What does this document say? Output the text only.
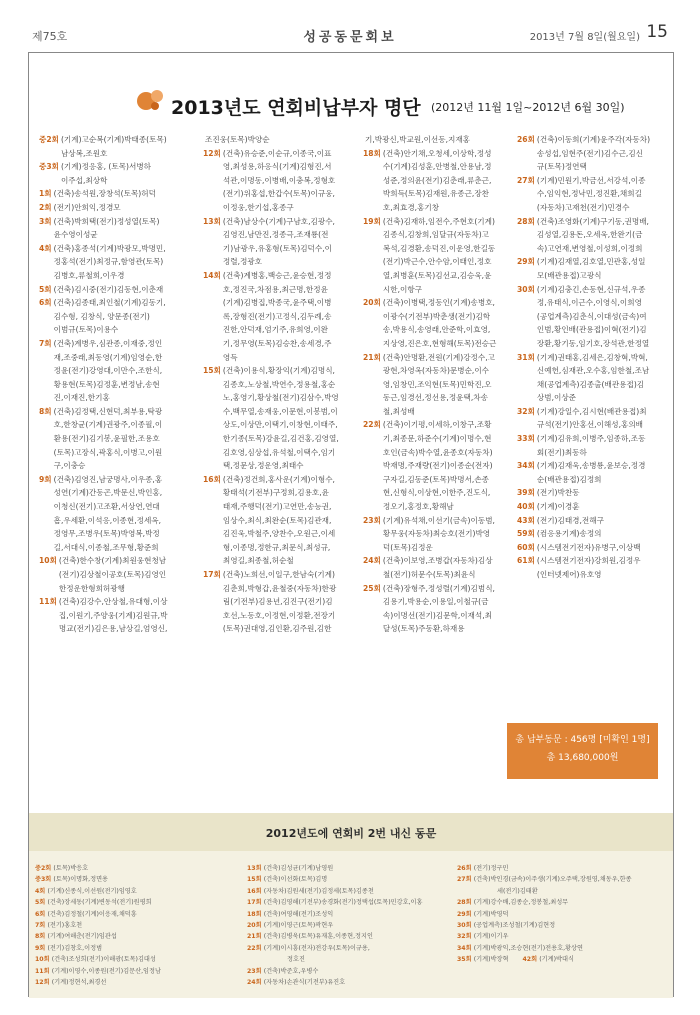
제75호	성공동문회보	2013년 7월 8일(월요일) 15
2013년도 연회비납부자 명단 (2012년 11월 1일~2012년 6월 30일)
중2회 (기계)고순복(기계)박태종(토목)
남상복,조원호
중3회 (기계)정응홍, (토목)서병하
이주섭,최상학
1회 (건축)송석원,장창석(토목)허덕
2회 (전기)안희익,정경모
3회 (건축)박희택(전기)정성열(토목)
윤수영이성균
4회 (건축)홍종석(기계)박광모,박명민,
정홍석(전기)최정규,함영관(토목)
김병호,류철희,이우경
5회 (건축)김시중(전기)김동현,이춘재
6회 (건축)김종태,최인철(기계)김동기,
김수형, 김창식, 양문종(전기)
이범규(토목)이용수
7회 (건축)계병우,심관종,이재중,정인
재,조중래,최동영(기계)임영순,한
정윤(전기)강영대,이만수,조한식,
황용현(토목)김정훈,변정남,송현
진,이재진,한기홍
8회 (건축)김정택,신현덕,최부용,탁광
호,한창균(기계)권광주,이종필,이
환용(전기)김기봉,윤필한,조용호
(토목)고장식,곽홍식,이병고,이원
구,이충승
9회 (건축)김영진,남궁명사,이우종,홍
성연(기계)간동곤,박문신,박인홍,
이청신(전기)고조환,서상연,연대
흠,우세환,이석응,이종현,정세옥,
정영무,조병우(토목)박영복,박정
길,서대식,이종철,조무형,황준희
10회 (건축)한수창(기계)최원웅현청남
(전기)김상철이공호(토목)김영인
한정운한형희허광행
11회 (건축)김강수,안상철,유대형,이상
집,이원기,주양웅(기계)김원규,박
명교(전기)김은용,남상길,엄영신,
조진웅(토목)박양순
12회 (건축)유승준,이순규,이종국,이표
영,최성용,하응식(기계)김형진,서
석관,이명동,이병배,이충복,정형호
(전기)위홍섭,한갑수(토목)이규웅,
이정웅,한기섭,홍종구
13회 (건축)남상수(기계)구남호,김광수,
김영진,남만진,정종극,조재룡(전
기)남광우,유홍형(토목)김덕수,이
정렬,정광호
14회 (건축)계병홍,백승근,윤승현,정정
호,정진국,차점용,최근명,한정윤
(기계)김병집,박종국,윤주택,이병
록,장형진(전기)고정식,김두례,송
진한,안덕재,엄기주,유희영,이완
기,정무영(토목)김승찬,송세경,주
영득
15회 (건축)이용식,황장익(기계)김명식,
김종호,노상철,박연수,정용철,홍순
노,홍영기,황상철(전기)김삼수,박영
수,백무열,송재웅,이문현,이봉범,이
상도,이상만,이택기,이창현,이태주,
한기종(토목)강윤길,김건홍,김영열,
김호영,심상섭,유석철,이택수,임기
택,정문상,정운영,최태수
16회 (건축)정건희,홍사운(기계)이형수,
황태석(기전부)구정희,김용호,윤
태재,주행덕(전기)고연만,송능권,
임상수,최식,최완순(토목)김관재,
김진욱,박철주,양찬수,오원근,이세
형,이종명,정한규,최문식,최성규,
최영길,최종철,허순철
17회 (건축)노희선,이일구,한남숙(기계)
김춘희,박형갑,윤철중(자동차)한광
림(기전부)김용년,김진구(전기)김
호선,노동호,이정현,이정환,전장기
(토목)권대영,김인환,김주원,김한
기,박광신,박교원,이선동,지재홍
18회 (건축)안기채,오청세,이상학,정성
수(기계)김성훈,안병철,안용남,정
성준,정의윤(전기)김춘래,류춘근,
박희득(토목)김재원,유종근,장찬
호,최효경,홍기창
19회 (건축)김재하,임전수,주현호(기계)
김종식,김창희,임달규(자동차)고
복석,김경환,송덕진,이운영,한길동
(전기)박근수,안수암,이태인,정호
열,최병훈(토목)김선교,김승욱,윤
시한,이항구
20회 (건축)이병택,정동인(기계)송병호,
이광수(기전부)박춘생(전기)김학
송,박용식,송영래,안준학,이효영,
지상영,진은호,현형해(토목)전승근
21회 (건축)안명환,전원(기계)강정수,고
광현,차영옥(자동차)문병순,이수
영,임창민,조익현(토목)민학진,오
동근,임경선,정선용,정윤택,차송
철,최성배
22회 (건축)이기평,이세하,이창구,조황
기,최종문,하준수(기계)이명수,현
호인(금속)박수열,윤종호(자동차)
박재명,주재량(전기)이종순(전자)
구자길,김동준(토목)박명서,손종
현,신형식,이상현,이한주,진도식,
정오기,홍정호,황해남
23회 (기계)유석채,이선기(금속)이동범,
황무웅(자동차)최승호(전기)박영
덕(토목)김정운
24회 (건축)이보영,조병갑(자동차)김상
철(전기)허문수(토목)최윤식
25회 (건축)장형주,정성렬(기계)김범식,
김용기,박용순,이용일,이철규(금
속)이명선(전기)김문학,이재석,최
달성(토목)주동환,하재용
26회 (건축)이동희(기계)윤주각(자동차)
송성섭,임현주(전기)김수근,김신
규(토목)정연택
27회 (기계)민원기,박금선,서강석,이종
수,임익현,정낙민,정진환,채희길
(자동차)고재천(전기)민경수
28회 (건축)조영화(기계)구기동,권명배,
김성열,김용돈,오세욱,한완기(금
속)고연재,변영철,이성희,이정희
29회 (기계)김재열,김호열,민관홍,성일
모(배관용접)고광식
30회 (기계)김충긴,손동현,신규석,우종
정,유태식,이근수,이영식,이희영
(공업계측)김춘식,이대성(금속)여
인범,황인배(관용접)이혁(전기)김
장환,황기동,임기호,장석관,한정열
31회 (기계)권태홍,김세은,김창혁,박혁,
신예헌,심재관,오수홍,임한철,조남
채(공업계측)김종출(배관용접)김
상범,이상준
32회 (기계)강일수,김시현(배관용접)최
규석(전기)안홍선,이해성,홍의배
33회 (기계)김유희,이병주,임종하,조동
회(전기)최동하
34회 (기계)김재욱,송병룡,윤보승,정경
순(배관용접)김정희
39회 (전기)박찬동
40회 (기계)이경훈
43회 (전기)김태경,전해구
59회 (컴응용기계)송정의
60회 (시스템전기전자)유병구,이상백
61회 (시스템전기전자)강희원,김정우
(인터넷제어)유호영
총 납부동문 : 456명 [미확인 1명]
총 13,680,000원
2012년도에 연회비 2번 내신 동문
중2회 (토목)박응호
중3회 (토목)이명화,정면용
4회 (기계)신종식,이선원(전기)임영호
5회 (건축)장세동(기계)변동석(전기)원평희
6회 (건축)김정철(기계)이응재,채덕흥
7회 (전기)홍호천
8회 (기계)여해춘(전기)임관섭
9회 (전기)김창호,이정범
10회 (건축)조성희(전기)이해광(토목)김대성
11회 (기계)이영수,이종원(전기)김문산,임정남
12회 (기계)정현석,최경선
13회 (건축)김성균(기계)남영원
15회 (건축)이선화(토목)김명
16회 (자동차)김원세(전기)김정세(토목)김종천
17회 (건축)김영해(기전부)송경화(전기)정택섭(토목)민강호,이홍
18회 (건축)여영해(전기)조성익
20회 (기계)이영근(토목)곽현우
21회 (건축)김병욱(토목)유재훈,이종현,정지인
22회 (기계)이시흥(전자)전강우(토목)이규용,
정호진
23회 (건축)박준호,우병수
24회 (자동차)손관식(기전부)유진호
26회 (전기)정구민
27회 (건축)박인경(금속)이주생(기계)오주택,장원영,채동우,한종
세(전기)김태환
28회 (기계)강수배,김종순,정봉철,최성무
29회 (기계)박영덕
30회 (공업계측)조성철(기계)김현정
32회 (기계)이기우
34회 (기계)박광익,조승현(전기)전용호,황상연
35회 (기계)박장혁 42회 (기계)박대식
